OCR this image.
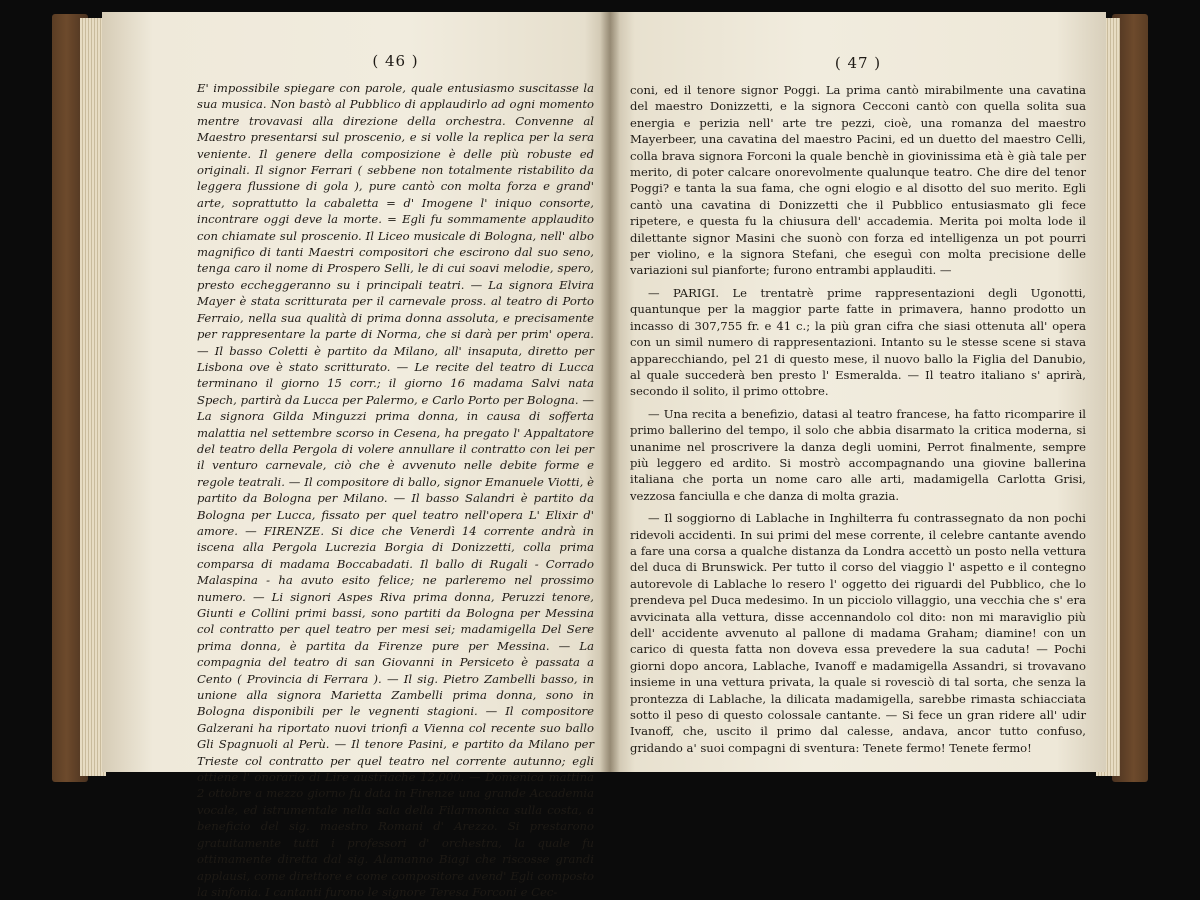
( 46 )

E' impossibile spiegare con parole, quale entusiasmo suscitasse la sua musica. Non bastò al Pubblico di applaudirlo ad ogni momento mentre trovavasi alla direzione della orchestra. Convenne al Maestro presentarsi sul proscenio, e si volle la replica per la sera veniente. Il genere della composizione è delle più robuste ed originali. Il signor Ferrari ( sebbene non totalmente ristabilito da leggera flussione di gola ), pure cantò con molta forza e grand' arte, soprattutto la cabaletta = d' Imogene l' iniquo consorte, incontrare oggi deve la morte. = Egli fu sommamente applaudito con chiamate sul proscenio. Il Liceo musicale di Bologna, nell' albo magnifico di tanti Maestri compositori che escirono dal suo seno, tenga caro il nome di Prospero Selli, le di cui soavi melodie, spero, presto eccheggeranno su i principali teatri. — La signora Elvira Mayer è stata scritturata per il carnevale pross. al teatro di Porto Ferraio, nella sua qualità di prima donna assoluta, e precisamente per rappresentare la parte di Norma, che si darà per prim' opera. — Il basso Coletti è partito da Milano, all' insaputa, diretto per Lisbona ove è stato scritturato. — Le recite del teatro di Lucca terminano il giorno 15 corr.; il giorno 16 madama Salvi nata Spech, partirà da Lucca per Palermo, e Carlo Porto per Bologna. — La signora Gilda Minguzzi prima donna, in causa di sofferta malattia nel settembre scorso in Cesena, ha pregato l' Appaltatore del teatro della Pergola di volere annullare il contratto con lei per il venturo carnevale, ciò che è avvenuto nelle debite forme e regole teatrali. — Il compositore di ballo, signor Emanuele Viotti, è partito da Bologna per Milano. — Il basso Salandri è partito da Bologna per Lucca, fissato per quel teatro nell'opera L' Elixir d' amore. — FIRENZE. Si dice che Venerdì 14 corrente andrà in iscena alla Pergola Lucrezia Borgia di Donizzetti, colla prima comparsa di madama Boccabadati. Il ballo di Rugali - Corrado Malaspina - ha avuto esito felice; ne parleremo nel prossimo numero. — Li signori Aspes Riva prima donna, Peruzzi tenore, Giunti e Collini primi bassi, sono partiti da Bologna per Messina col contratto per quel teatro per mesi sei; madamigella Del Sere prima donna, è partita da Firenze pure per Messina. — La compagnia del teatro di san Giovanni in Persiceto è passata a Cento ( Provincia di Ferrara ). — Il sig. Pietro Zambelli basso, in unione alla signora Marietta Zambelli prima donna, sono in Bologna disponibili per le vegnenti stagioni. — Il compositore Galzerani ha riportato nuovi trionfi a Vienna col recente suo ballo Gli Spagnuoli al Perù. — Il tenore Pasini, e partito da Milano per Trieste col contratto per quel teatro nel corrente autunno; egli ottiene l' onorario di Lire austriache 12,000. — Domenica mattina 2 ottobre a mezzo giorno fu data in Firenze una grande Accademia vocale, ed istrumentale nella sala della Filarmonica sulla costa, a beneficio del sig. maestro Romani d' Arezzo. Si prestarono gratuitamente tutti i professori d' orchestra, la quale fu ottimamente diretta dal sig. Alamanno Biagi che riscosse grandi applausi, come direttore e come compositore avend' Egli composto la sinfonia. I cantanti furono le signore Teresa Forconi e Cec-

( 47 )

coni, ed il tenore signor Poggi. La prima cantò mirabilmente una cavatina del maestro Donizzetti, e la signora Cecconi cantò con quella solita sua energia e perizia nell' arte tre pezzi, cioè, una romanza del maestro Mayerbeer, una cavatina del maestro Pacini, ed un duetto del maestro Celli, colla brava signora Forconi la quale benchè in giovinissima età è già tale per merito, di poter calcare onorevolmente qualunque teatro. Che dire del tenor Poggi? e tanta la sua fama, che ogni elogio e al disotto del suo merito. Egli cantò una cavatina di Donizzetti che il Pubblico entusiasmato gli fece ripetere, e questa fu la chiusura dell' accademia. Merita poi molta lode il dilettante signor Masini che suonò con forza ed intelligenza un pot pourri per violino, e la signora Stefani, che eseguì con molta precisione delle variazioni sul pianforte; furono entrambi applauditi. —

— PARIGI. Le trentatrè prime rappresentazioni degli Ugonotti, quantunque per la maggior parte fatte in primavera, hanno prodotto un incasso di 307,755 fr. e 41 c.; la più gran cifra che siasi ottenuta all' opera con un simil numero di rappresentazioni. Intanto su le stesse scene si stava apparecchiando, pel 21 di questo mese, il nuovo ballo la Figlia del Danubio, al quale succederà ben presto l' Esmeralda. — Il teatro italiano s' aprirà, secondo il solito, il primo ottobre.

— Una recita a benefizio, datasi al teatro francese, ha fatto ricomparire il primo ballerino del tempo, il solo che abbia disarmato la critica moderna, si unanime nel proscrivere la danza degli uomini, Perrot finalmente, sempre più leggero ed ardito. Si mostrò accompagnando una giovine ballerina italiana che porta un nome caro alle arti, madamigella Carlotta Grisi, vezzosa fanciulla e che danza di molta grazia.

— Il soggiorno di Lablache in Inghilterra fu contrassegnato da non pochi ridevoli accidenti. In sui primi del mese corrente, il celebre cantante avendo a fare una corsa a qualche distanza da Londra accettò un posto nella vettura del duca di Brunswick. Per tutto il corso del viaggio l' aspetto e il contegno autorevole di Lablache lo resero l' oggetto dei riguardi del Pubblico, che lo prendeva pel Duca medesimo. In un picciolo villaggio, una vecchia che s' era avvicinata alla vettura, disse accennandolo col dito: non mi maraviglio più dell' accidente avvenuto al pallone di madama Graham; diamine! con un carico di questa fatta non doveva essa prevedere la sua caduta! — Pochi giorni dopo ancora, Lablache, Ivanoff e madamigella Assandri, si trovavano insieme in una vettura privata, la quale si rovesciò di tal sorta, che senza la prontezza di Lablache, la dilicata madamigella, sarebbe rimasta schiacciata sotto il peso di questo colossale cantante. — Si fece un gran ridere all' udir Ivanoff, che, uscito il primo dal calesse, andava, ancor tutto confuso, gridando a' suoi compagni di sventura: Tenete fermo! Tenete fermo!
